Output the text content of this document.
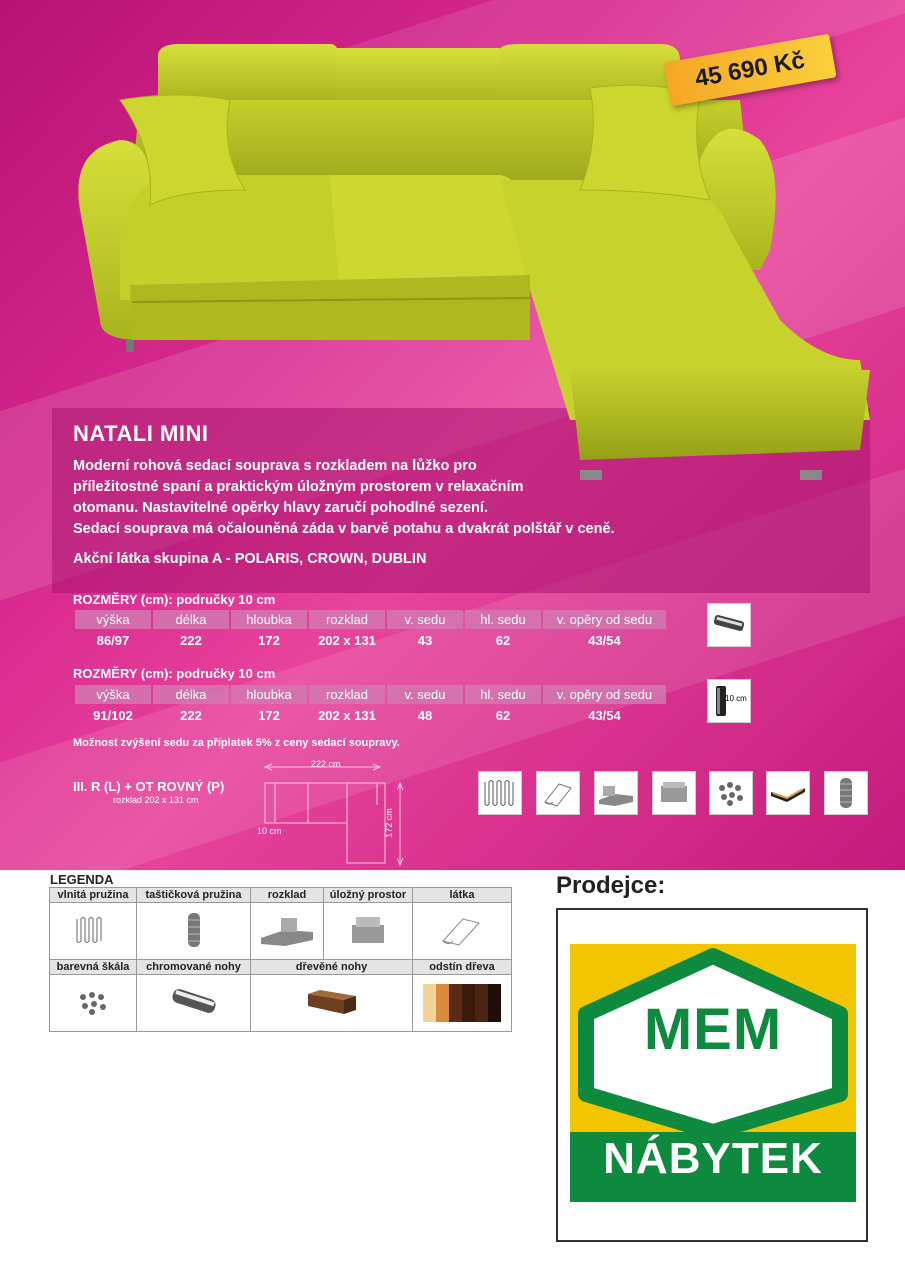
45 690 Kč
NATALI MINI
Moderní rohová sedací souprava s rozkladem na lůžko pro
příležitostné spaní a praktickým úložným prostorem v relaxačním
otomanu. Nastavitelné opěrky hlavy zaručí pohodlné sezení.
Sedací souprava má očalouněná záda v barvě potahu a dvakrát polštář v ceně.
Akční látka skupina A - POLARIS, CROWN, DUBLIN
ROZMĚRY (cm): područky 10 cm
výška	délka	hloubka	rozklad	v. sedu	hl. sedu	v. opěry od sedu
86/97	222	172	202 x 131	43	62	43/54
ROZMĚRY (cm): područky 10 cm
výška	délka	hloubka	rozklad	v. sedu	hl. sedu	v. opěry od sedu
91/102	222	172	202 x 131	48	62	43/54
Možnost zvýšení sedu za příplatek 5% z ceny sedací soupravy.
10 cm
III. R (L) + OT ROVNÝ (P)
rozklad 202 x 131 cm
222 cm
172 cm
10 cm
LEGENDA
vlnitá pružina	taštičková pružina	rozklad	úložný prostor	látka

barevná škála	chromované nohy	dřevěné nohy		odstín dřeva

Prodejce:
MEM
NÁBYTEK
